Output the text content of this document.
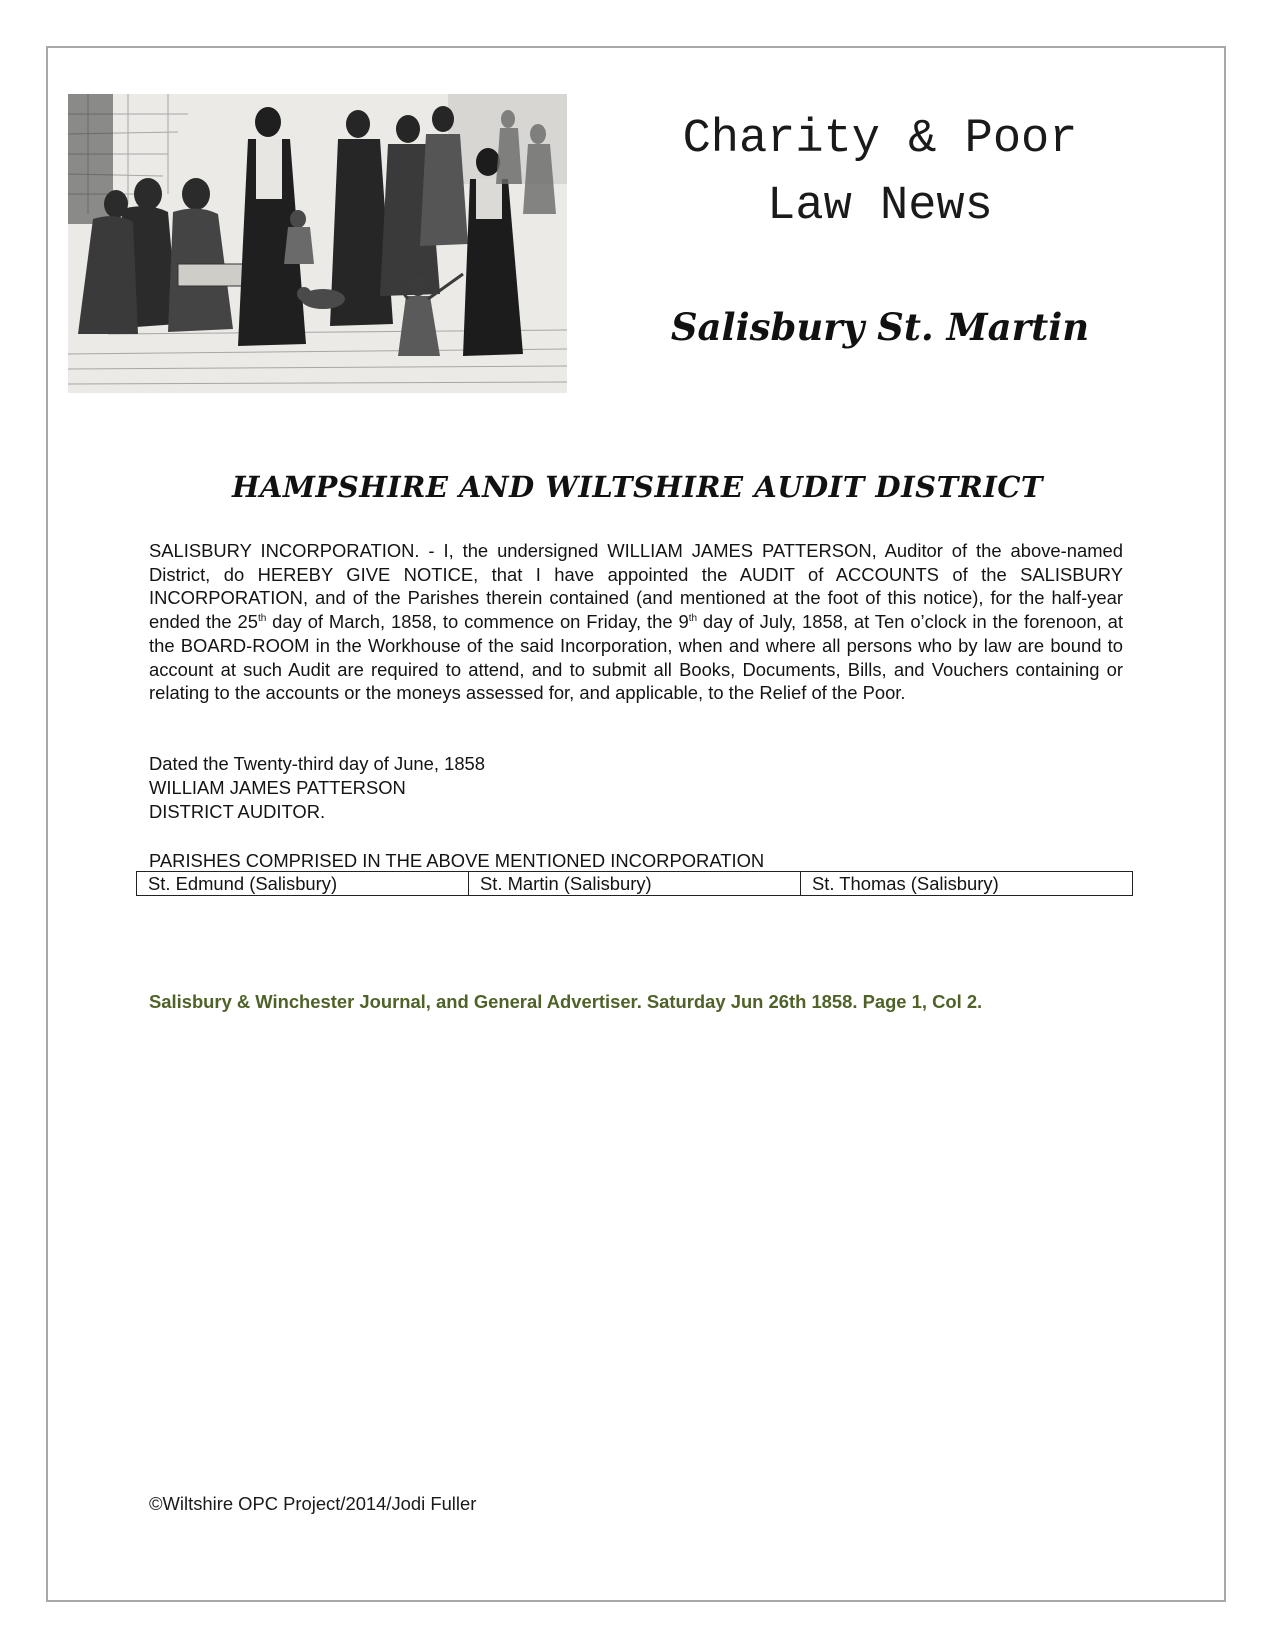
Charity & Poor
Law News
Salisbury St. Martin
HAMPSHIRE AND WILTSHIRE AUDIT DISTRICT
SALISBURY INCORPORATION. - I, the undersigned WILLIAM JAMES PATTERSON, Auditor of the above-named District, do HEREBY GIVE NOTICE, that I have appointed the AUDIT of ACCOUNTS of the SALISBURY INCORPORATION, and of the Parishes therein contained (and mentioned at the foot of this notice), for the half-year ended the 25th day of March, 1858, to commence on Friday, the 9th day of July, 1858, at Ten o’clock in the forenoon, at the BOARD-ROOM in the Workhouse of the said Incorporation, when and where all persons who by law are bound to account at such Audit are required to attend, and to submit all Books, Documents, Bills, and Vouchers containing or relating to the accounts or the moneys assessed for, and applicable, to the Relief of the Poor.
Dated the Twenty-third day of June, 1858
WILLIAM JAMES PATTERSON
DISTRICT AUDITOR.
PARISHES COMPRISED IN THE ABOVE MENTIONED INCORPORATION
St. Edmund (Salisbury)	St. Martin (Salisbury)	St. Thomas (Salisbury)
Salisbury & Winchester Journal, and General Advertiser. Saturday Jun 26th 1858. Page 1, Col 2.
©Wiltshire OPC Project/2014/Jodi Fuller
